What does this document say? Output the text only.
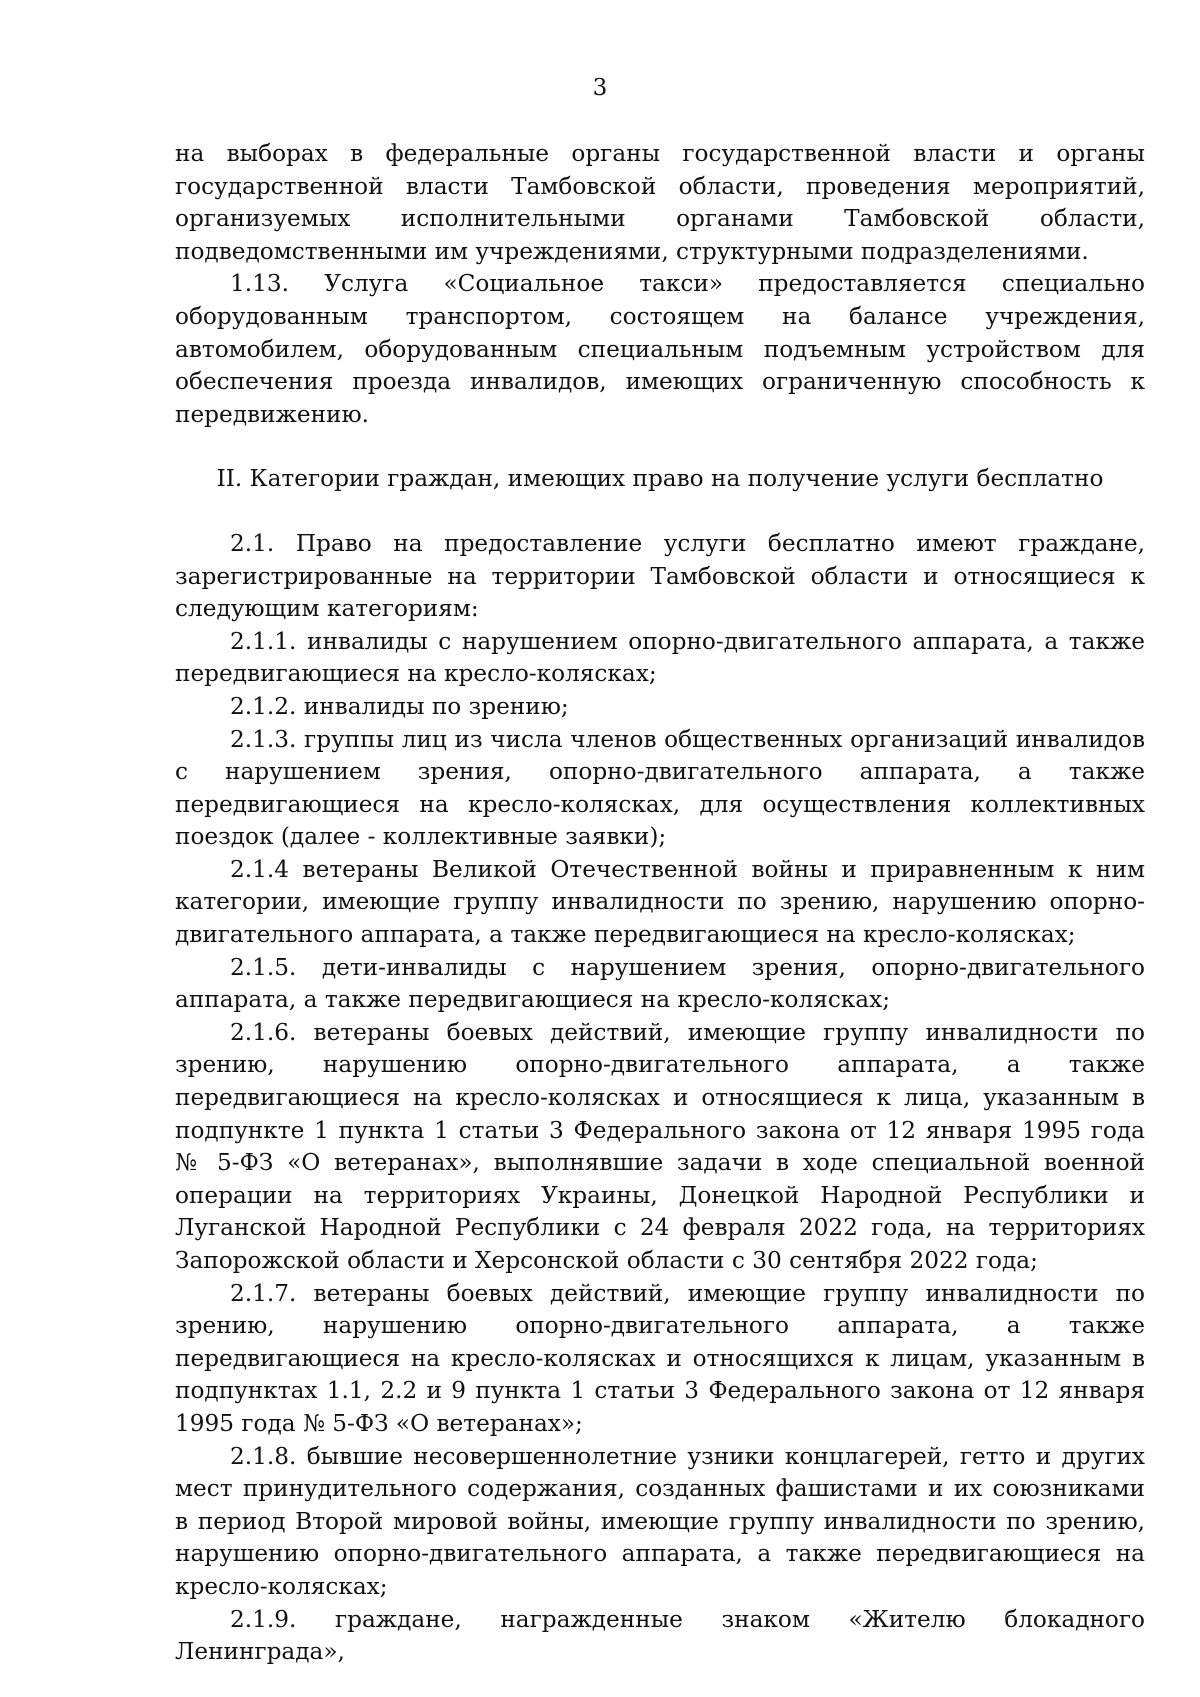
3

на выборах в федеральные органы государственной власти и органы государственной власти Тамбовской области, проведения мероприятий, организуемых исполнительными органами Тамбовской области, подведомственными им учреждениями, структурными подразделениями.

1.13. Услуга «Социальное такси» предоставляется специально оборудованным транспортом, состоящем на балансе учреждения, автомобилем, оборудованным специальным подъемным устройством для обеспечения проезда инвалидов, имеющих ограниченную способность к передвижению.

II. Категории граждан, имеющих право на получение услуги бесплатно

2.1. Право на предоставление услуги бесплатно имеют граждане, зарегистрированные на территории Тамбовской области и относящиеся к следующим категориям:

2.1.1. инвалиды с нарушением опорно-двигательного аппарата, а также передвигающиеся на кресло-колясках;

2.1.2. инвалиды по зрению;

2.1.3. группы лиц из числа членов общественных организаций инвалидов с нарушением зрения, опорно-двигательного аппарата, а также передвигающиеся на кресло-колясках, для осуществления коллективных поездок (далее - коллективные заявки);

2.1.4 ветераны Великой Отечественной войны и приравненным к ним категории, имеющие группу инвалидности по зрению, нарушению опорно-двигательного аппарата, а также передвигающиеся на кресло-колясках;

2.1.5. дети-инвалиды с нарушением зрения, опорно-двигательного аппарата, а также передвигающиеся на кресло-колясках;

2.1.6. ветераны боевых действий, имеющие группу инвалидности по зрению, нарушению опорно-двигательного аппарата, а также передвигающиеся на кресло-колясках и относящиеся к лица, указанным в подпункте 1 пункта 1 статьи 3 Федерального закона от 12 января 1995 года № 5-ФЗ «О ветеранах», выполнявшие задачи в ходе специальной военной операции на территориях Украины, Донецкой Народной Республики и Луганской Народной Республики с 24 февраля 2022 года, на территориях Запорожской области и Херсонской области с 30 сентября 2022 года;

2.1.7. ветераны боевых действий, имеющие группу инвалидности по зрению, нарушению опорно-двигательного аппарата, а также передвигающиеся на кресло-колясках и относящихся к лицам, указанным в подпунктах 1.1, 2.2 и 9 пункта 1 статьи 3 Федерального закона от 12 января 1995 года № 5-ФЗ «О ветеранах»;

2.1.8. бывшие несовершеннолетние узники концлагерей, гетто и других мест принудительного содержания, созданных фашистами и их союзниками в период Второй мировой войны, имеющие группу инвалидности по зрению, нарушению опорно-двигательного аппарата, а также передвигающиеся на кресло-колясках;

2.1.9. граждане, награжденные знаком «Жителю блокадного Ленинграда»,
